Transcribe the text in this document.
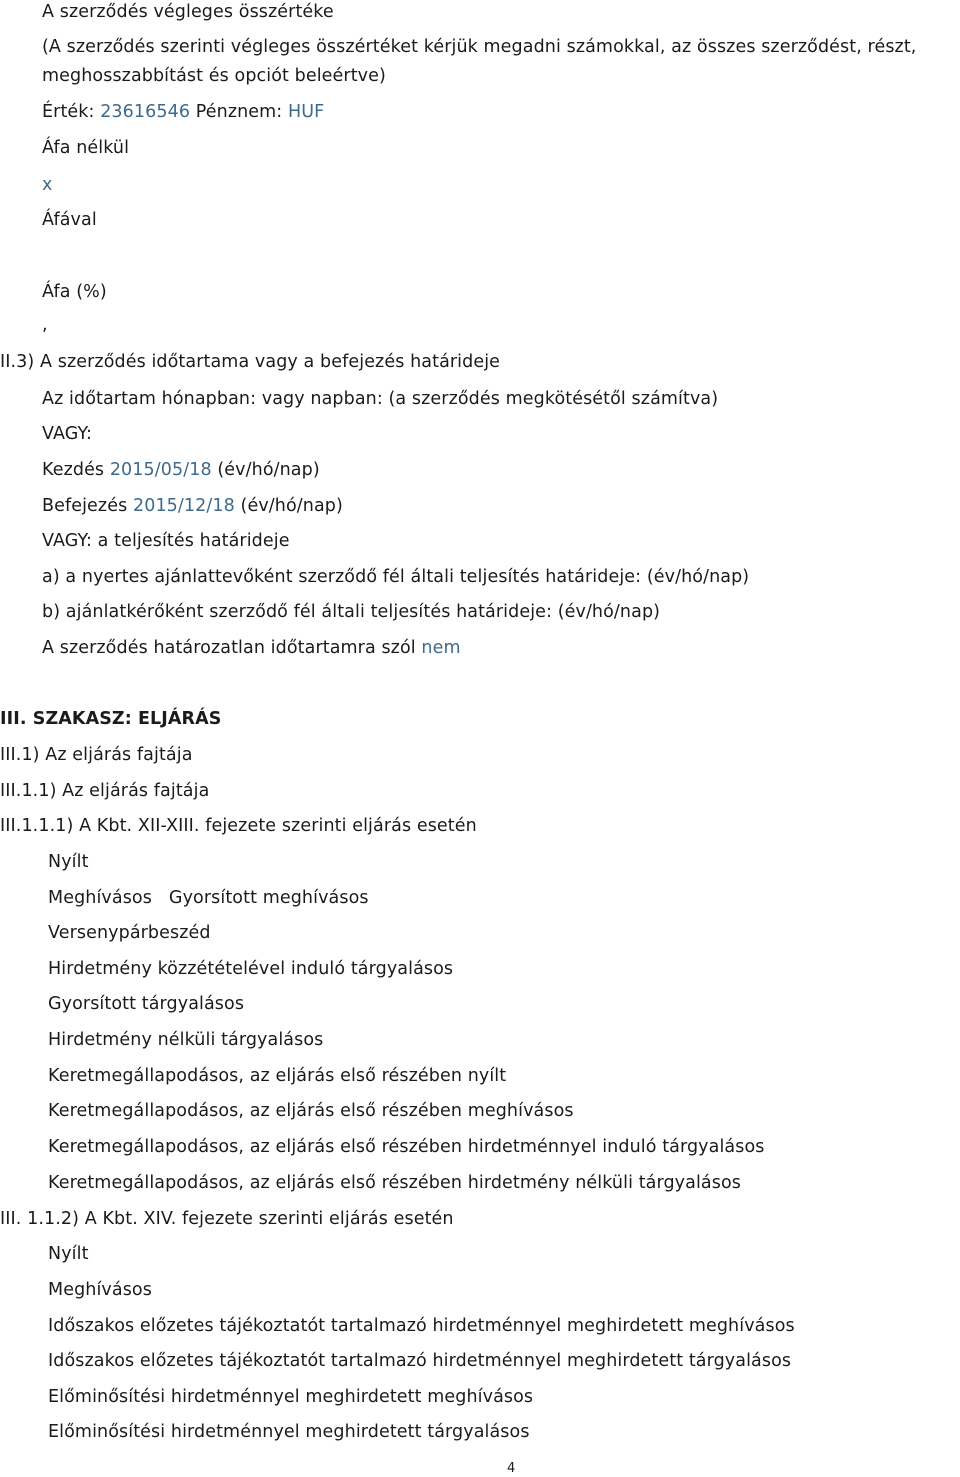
A szerződés végleges összértéke
(A szerződés szerinti végleges összértéket kérjük megadni számokkal, az összes szerződést, részt,
meghosszabbítást és opciót beleértve)
Érték: 23616546 Pénznem: HUF
Áfa nélkül
x
Áfával
Áfa (%)
,
II.3) A szerződés időtartama vagy a befejezés határideje
Az időtartam hónapban: vagy napban: (a szerződés megkötésétől számítva)
VAGY:
Kezdés 2015/05/18 (év/hó/nap)
Befejezés 2015/12/18 (év/hó/nap)
VAGY: a teljesítés határideje
a) a nyertes ajánlattevőként szerződő fél általi teljesítés határideje: (év/hó/nap)
b) ajánlatkérőként szerződő fél általi teljesítés határideje: (év/hó/nap)
A szerződés határozatlan időtartamra szól nem
III. SZAKASZ: ELJÁRÁS
III.1) Az eljárás fajtája
III.1.1) Az eljárás fajtája
III.1.1.1) A Kbt. XII-XIII. fejezete szerinti eljárás esetén
Nyílt
Meghívásos   Gyorsított meghívásos
Versenypárbeszéd
Hirdetmény közzétételével induló tárgyalásos
Gyorsított tárgyalásos
Hirdetmény nélküli tárgyalásos
Keretmegállapodásos, az eljárás első részében nyílt
Keretmegállapodásos, az eljárás első részében meghívásos
Keretmegállapodásos, az eljárás első részében hirdetménnyel induló tárgyalásos
Keretmegállapodásos, az eljárás első részében hirdetmény nélküli tárgyalásos
III. 1.1.2) A Kbt. XIV. fejezete szerinti eljárás esetén
Nyílt
Meghívásos
Időszakos előzetes tájékoztatót tartalmazó hirdetménnyel meghirdetett meghívásos
Időszakos előzetes tájékoztatót tartalmazó hirdetménnyel meghirdetett tárgyalásos
Előminősítési hirdetménnyel meghirdetett meghívásos
Előminősítési hirdetménnyel meghirdetett tárgyalásos
4
